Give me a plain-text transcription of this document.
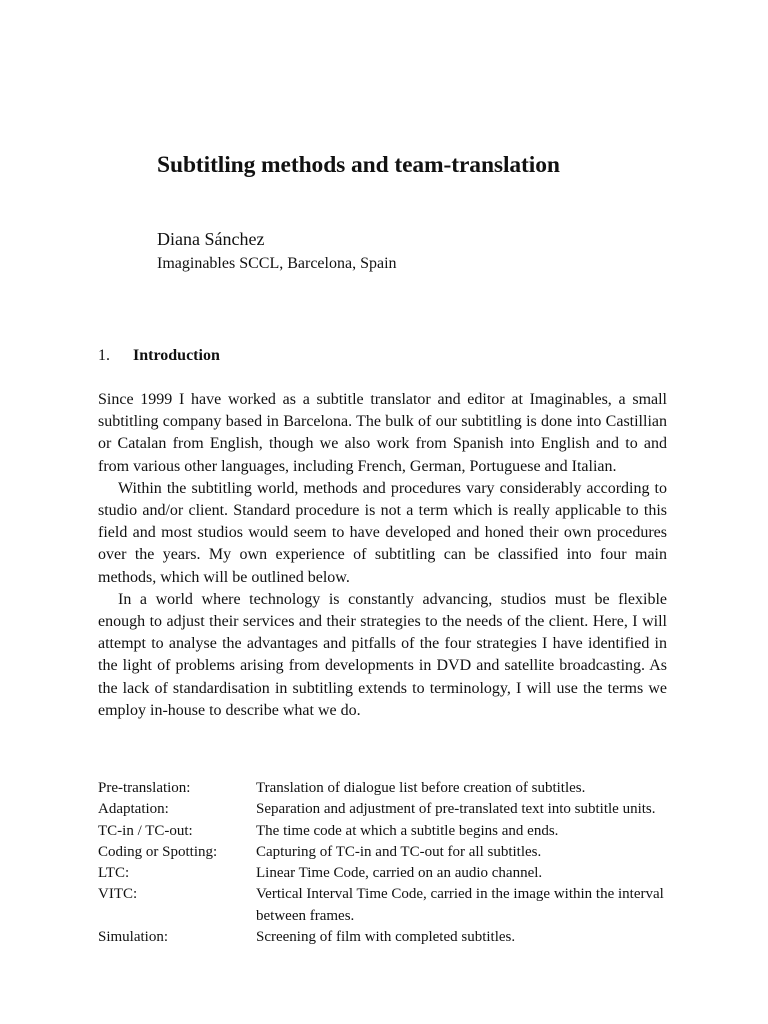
Subtitling methods and team-translation
Diana Sánchez
Imaginables SCCL, Barcelona, Spain
1. Introduction

Since 1999 I have worked as a subtitle translator and editor at Imaginables, a small subtitling company based in Barcelona. The bulk of our subtitling is done into Castillian or Catalan from English, though we also work from Spanish into English and to and from various other languages, including French, German, Portuguese and Italian.

Within the subtitling world, methods and procedures vary considerably according to studio and/or client. Standard procedure is not a term which is really applicable to this field and most studios would seem to have developed and honed their own procedures over the years. My own experience of subtitling can be classified into four main methods, which will be outlined below.

In a world where technology is constantly advancing, studios must be flexible enough to adjust their services and their strategies to the needs of the client. Here, I will attempt to analyse the advantages and pitfalls of the four strategies I have identified in the light of problems arising from developments in DVD and satellite broadcasting. As the lack of standardisation in subtitling extends to terminology, I will use the terms we employ in-house to describe what we do.

Pre-translation:	Translation of dialogue list before creation of subtitles.
Adaptation:	Separation and adjustment of pre-translated text into subtitle units.
TC-in / TC-out:	The time code at which a subtitle begins and ends.
Coding or Spotting:	Capturing of TC-in and TC-out for all subtitles.
LTC:	Linear Time Code, carried on an audio channel.
VITC:	Vertical Interval Time Code, carried in the image within the interval between frames.
Simulation:	Screening of film with completed subtitles.
